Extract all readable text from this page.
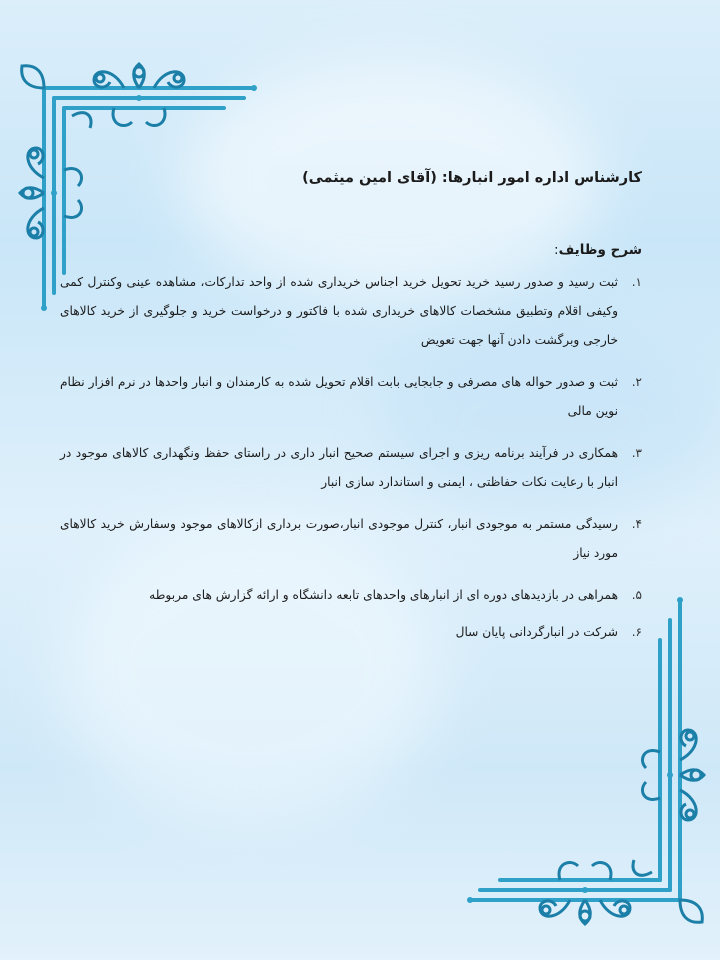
کارشناس اداره امور انبارها: (آقای امین میثمی)
شرح وظایف:
۱.
ثبت رسید و صدور رسید خرید تحویل خرید اجناس خریداری شده از واحد تدارکات، مشاهده عینی وکنترل کمی وکیفی اقلام وتطبیق مشخصات کالاهای خریداری شده با فاکتور و درخواست خرید و جلوگیری از خرید کالاهای خارجی وبرگشت دادن آنها جهت تعویض
۲.
ثبت و صدور حواله های مصرفی و جابجایی بابت اقلام تحویل شده به کارمندان و انبار واحدها در نرم افزار نظام نوین مالی
۳.
همکاری در فرآیند برنامه ریزی و اجرای سیستم صحیح انبار داری در راستای حفظ ونگهداری کالاهای موجود در انبار با رعایت نکات حفاظتی ، ایمنی و استاندارد سازی انبار
۴.
رسیدگی مستمر به موجودی انبار، کنترل موجودی انبار،صورت برداری ازکالاهای موجود وسفارش خرید کالاهای مورد نیاز
۵.
همراهی در بازدیدهای دوره ای از انبارهای واحدهای تابعه دانشگاه و ارائه گزارش های مربوطه
۶.
شرکت در انبارگردانی پایان سال
